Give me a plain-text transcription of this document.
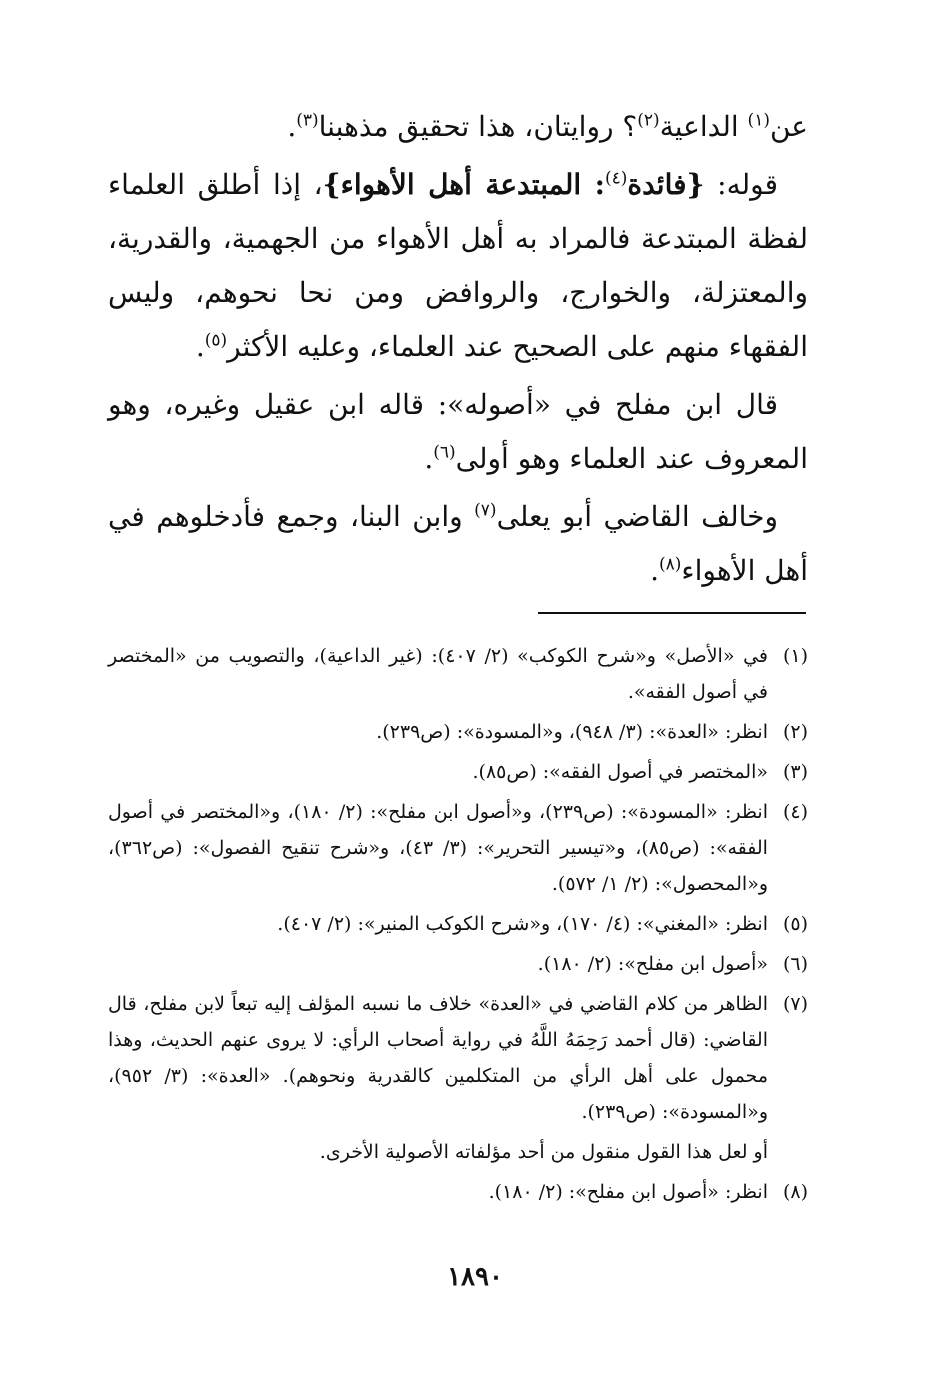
عن$^{(١)}$ الداعية$^{(٢)}$؟ روايتان، هذا تحقيق مذهبنا$^{(٣)}$.

قوله: {فائدة$^{(٤)}$: المبتدعة أهل الأهواء}، إذا أطلق العلماء لفظة المبتدعة فالمراد به أهل الأهواء من الجهمية، والقدرية، والمعتزلة، والخوارج، والروافض ومن نحا نحوهم، وليس الفقهاء منهم على الصحيح عند العلماء، وعليه الأكثر$^{(٥)}$.

قال ابن مفلح في «أصوله»: قاله ابن عقيل وغيره، وهو المعروف عند العلماء وهو أولى$^{(٦)}$.

وخالف القاضي أبو يعلى$^{(٧)}$ وابن البنا، وجمع فأدخلوهم في أهل الأهواء$^{(٨)}$.

(١)
في «الأصل» و«شرح الكوكب» (٢/ ٤٠٧): (غير الداعية)، والتصويب من «المختصر في أصول الفقه».
(٢)
انظر: «العدة»: (٣/ ٩٤٨)، و«المسودة»: (ص٢٣٩).
(٣)
«المختصر في أصول الفقه»: (ص٨٥).
(٤)
انظر: «المسودة»: (ص٢٣٩)، و«أصول ابن مفلح»: (٢/ ١٨٠)، و«المختصر في أصول الفقه»: (ص٨٥)، و«تيسير التحرير»: (٣/ ٤٣)، و«شرح تنقيح الفصول»: (ص٣٦٢)، و«المحصول»: (٢/ ١/ ٥٧٢).
(٥)
انظر: «المغني»: (٤/ ١٧٠)، و«شرح الكوكب المنير»: (٢/ ٤٠٧).
(٦)
«أصول ابن مفلح»: (٢/ ١٨٠).
(٧)
الظاهر من كلام القاضي في «العدة» خلاف ما نسبه المؤلف إليه تبعاً لابن مفلح، قال القاضي: (قال أحمد رَحِمَهُ اللَّهُ في رواية أصحاب الرأي: لا يروى عنهم الحديث، وهذا محمول على أهل الرأي من المتكلمين كالقدرية ونحوهم). «العدة»: (٣/ ٩٥٢)، و«المسودة»: (ص٢٣٩).
أو لعل هذا القول منقول من أحد مؤلفاته الأصولية الأخرى.
(٨)
انظر: «أصول ابن مفلح»: (٢/ ١٨٠).
١٨٩٠
